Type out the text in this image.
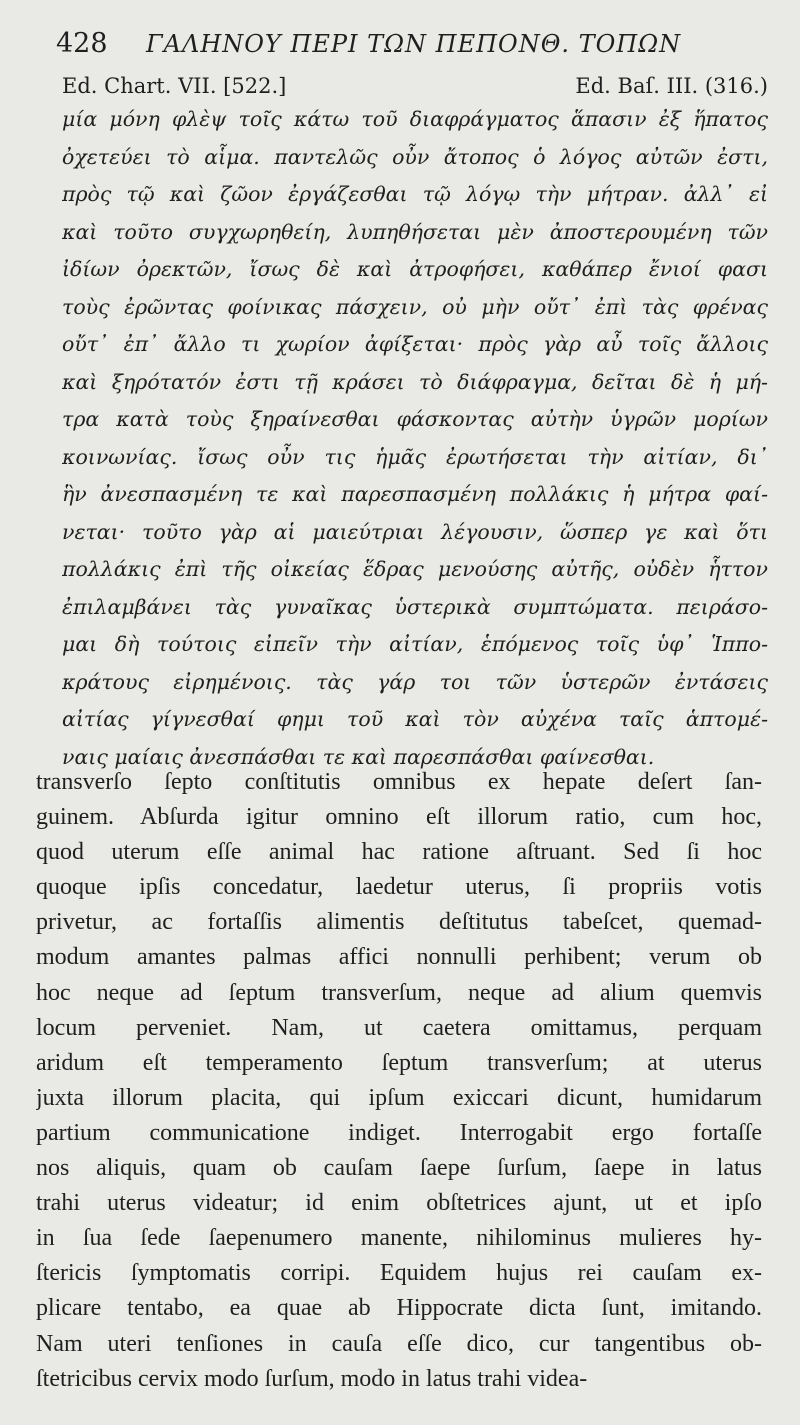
428	ΓΑΛΗΝΟΥ ΠΕΡΙ ΤΩΝ ΠΕΠΟΝΘ. ΤΟΠΩΝ
Ed. Chart. VII. [522.]	Ed. Baſ. III. (316.)
μία μόνη φλὲψ τοῖς κάτω τοῦ διαφράγματος ἅπασιν ἐξ ἥπατος
ὀχετεύει τὸ αἷμα. παντελῶς οὖν ἄτοπος ὁ λόγος αὐτῶν ἐστι,
πρὸς τῷ καὶ ζῶον ἐργάζεσθαι τῷ λόγῳ τὴν μήτραν. ἀλλ᾽ εἰ
καὶ τοῦτο συγχωρηθείη, λυπηθήσεται μὲν ἀποστερουμένη τῶν
ἰδίων ὀρεκτῶν, ἴσως δὲ καὶ ἀτροφήσει, καθάπερ ἔνιοί φασι
τοὺς ἐρῶντας φοίνικας πάσχειν, οὐ μὴν οὔτ᾽ ἐπὶ τὰς φρένας
οὔτ᾽ ἐπ᾽ ἄλλο τι χωρίον ἀφίξεται· πρὸς γὰρ αὖ τοῖς ἄλλοις
καὶ ξηρότατόν ἐστι τῇ κράσει τὸ διάφραγμα, δεῖται δὲ ἡ μή-
τρα κατὰ τοὺς ξηραίνεσθαι φάσκοντας αὐτὴν ὑγρῶν μορίων
κοινωνίας. ἴσως οὖν τις ἡμᾶς ἐρωτήσεται τὴν αἰτίαν, δι᾽
ἣν ἀνεσπασμένη τε καὶ παρεσπασμένη πολλάκις ἡ μήτρα φαί-
νεται· τοῦτο γὰρ αἱ μαιεύτριαι λέγουσιν, ὥσπερ γε καὶ ὅτι
πολλάκις ἐπὶ τῆς οἰκείας ἕδρας μενούσης αὐτῆς, οὐδὲν ἧττον
ἐπιλαμβάνει τὰς γυναῖκας ὑστερικὰ συμπτώματα. πειράσο-
μαι δὴ τούτοις εἰπεῖν τὴν αἰτίαν, ἑπόμενος τοῖς ὑφ᾽ Ἱππο-
κράτους εἰρημένοις. τὰς γάρ τοι τῶν ὑστερῶν ἐντάσεις
αἰτίας γίγνεσθαί φημι τοῦ καὶ τὸν αὐχένα ταῖς ἁπτομέ-
ναις μαίαις ἀνεσπάσθαι τε καὶ παρεσπάσθαι φαίνεσθαι.
transverſo ſepto conſtitutis omnibus ex hepate deſert ſan-
guinem. Abſurda igitur omnino eſt illorum ratio, cum hoc,
quod uterum eſſe animal hac ratione aſtruant. Sed ſi hoc
quoque ipſis concedatur, laedetur uterus, ſi propriis votis
privetur, ac fortaſſis alimentis deſtitutus tabeſcet, quemad-
modum amantes palmas affici nonnulli perhibent; verum ob
hoc neque ad ſeptum transverſum, neque ad alium quemvis
locum perveniet. Nam, ut caetera omittamus, perquam
aridum eſt temperamento ſeptum transverſum; at uterus
juxta illorum placita, qui ipſum exiccari dicunt, humidarum
partium communicatione indiget. Interrogabit ergo fortaſſe
nos aliquis, quam ob cauſam ſaepe ſurſum, ſaepe in latus
trahi uterus videatur; id enim obſtetrices ajunt, ut et ipſo
in ſua ſede ſaepenumero manente, nihilominus mulieres hy-
ſtericis ſymptomatis corripi. Equidem hujus rei cauſam ex-
plicare tentabo, ea quae ab Hippocrate dicta ſunt, imitando.
Nam uteri tenſiones in cauſa eſſe dico, cur tangentibus ob-
ſtetricibus cervix modo ſurſum, modo in latus trahi videa-
